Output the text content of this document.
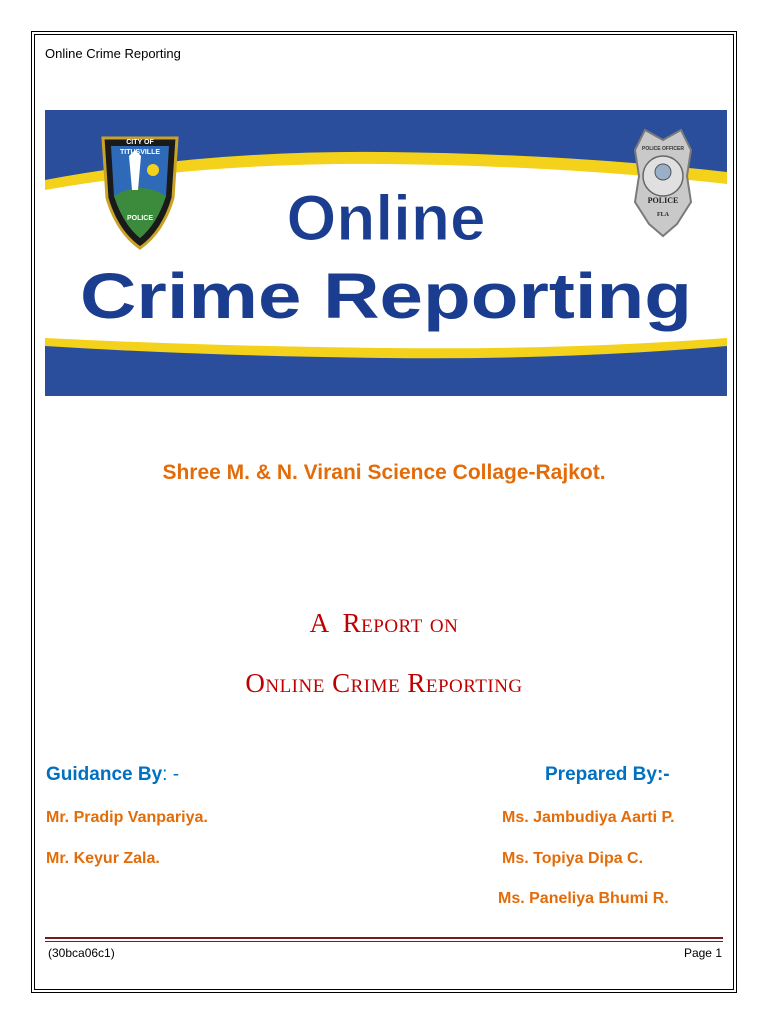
Online Crime Reporting
CITY OF
TITUSVILLE
POLICE
POLICE OFFICER
POLICE
FLA
Online
Crime Reporting
Shree M. & N. Virani Science Collage-Rajkot.
A  Report on
Online Crime Reporting
Guidance By: -	Prepared By:-
Mr. Pradip Vanpariya.
Mr. Keyur Zala.
Ms. Jambudiya Aarti P.
Ms. Topiya Dipa C.
Ms. Paneliya Bhumi R.
(30bca06c1)	Page 1
